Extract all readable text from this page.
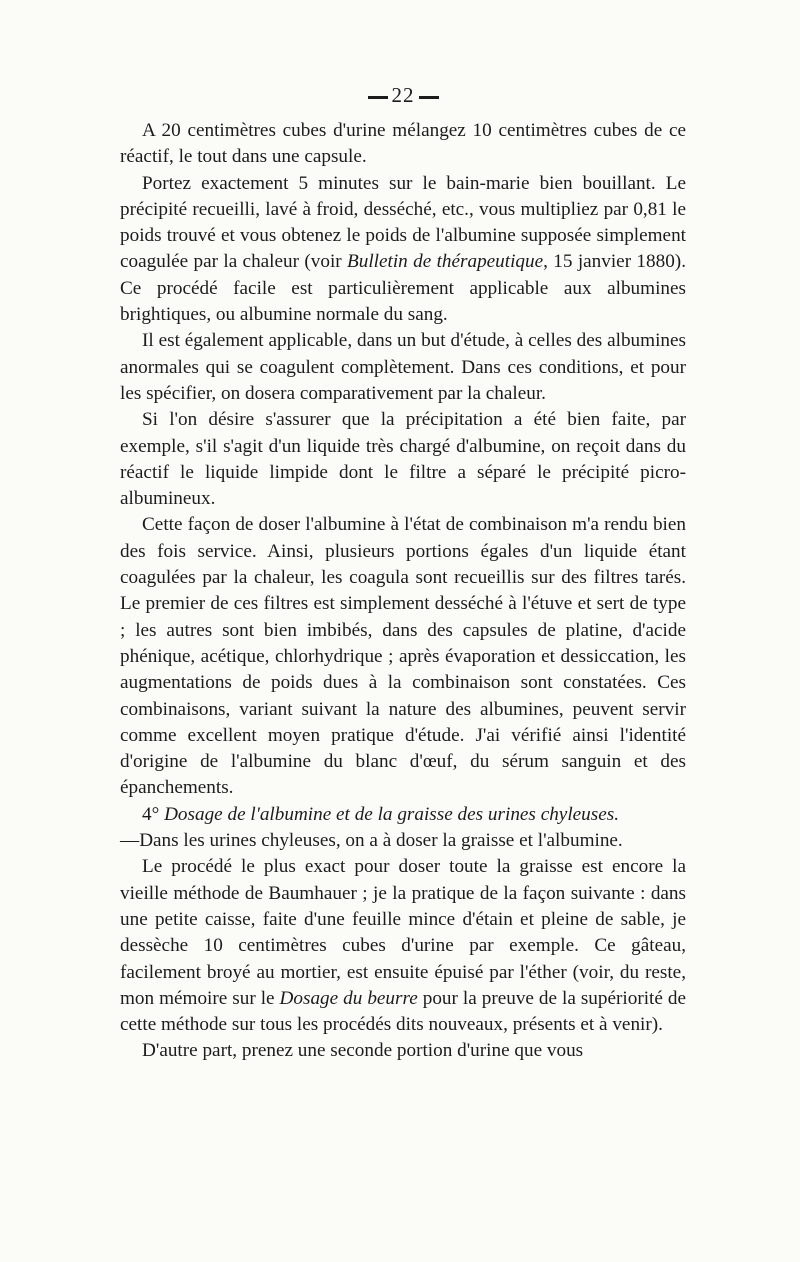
22

A 20 centimètres cubes d'urine mélangez 10 centimètres cubes de ce réactif, le tout dans une capsule.

Portez exactement 5 minutes sur le bain-marie bien bouillant. Le précipité recueilli, lavé à froid, desséché, etc., vous multipliez par 0,81 le poids trouvé et vous obtenez le poids de l'albumine supposée simplement coagulée par la chaleur (voir Bulletin de thérapeutique, 15 janvier 1880). Ce procédé facile est particulièrement applicable aux albumines brightiques, ou albumine normale du sang.

Il est également applicable, dans un but d'étude, à celles des albumines anormales qui se coagulent complètement. Dans ces conditions, et pour les spécifier, on dosera comparativement par la chaleur.

Si l'on désire s'assurer que la précipitation a été bien faite, par exemple, s'il s'agit d'un liquide très chargé d'albumine, on reçoit dans du réactif le liquide limpide dont le filtre a séparé le précipité picro-albumineux.

Cette façon de doser l'albumine à l'état de combinaison m'a rendu bien des fois service. Ainsi, plusieurs portions égales d'un liquide étant coagulées par la chaleur, les coagula sont recueillis sur des filtres tarés. Le premier de ces filtres est simplement desséché à l'étuve et sert de type ; les autres sont bien imbibés, dans des capsules de platine, d'acide phénique, acétique, chlorhydrique ; après évaporation et dessiccation, les augmentations de poids dues à la combinaison sont constatées. Ces combinaisons, variant suivant la nature des albumines, peuvent servir comme excellent moyen pratique d'étude. J'ai vérifié ainsi l'identité d'origine de l'albumine du blanc d'œuf, du sérum sanguin et des épanchements.

4° Dosage de l'albumine et de la graisse des urines chyleuses.

—Dans les urines chyleuses, on a à doser la graisse et l'albumine.

Le procédé le plus exact pour doser toute la graisse est encore la vieille méthode de Baumhauer ; je la pratique de la façon suivante : dans une petite caisse, faite d'une feuille mince d'étain et pleine de sable, je dessèche 10 centimètres cubes d'urine par exemple. Ce gâteau, facilement broyé au mortier, est ensuite épuisé par l'éther (voir, du reste, mon mémoire sur le Dosage du beurre pour la preuve de la supériorité de cette méthode sur tous les procédés dits nouveaux, présents et à venir).

D'autre part, prenez une seconde portion d'urine que vous
